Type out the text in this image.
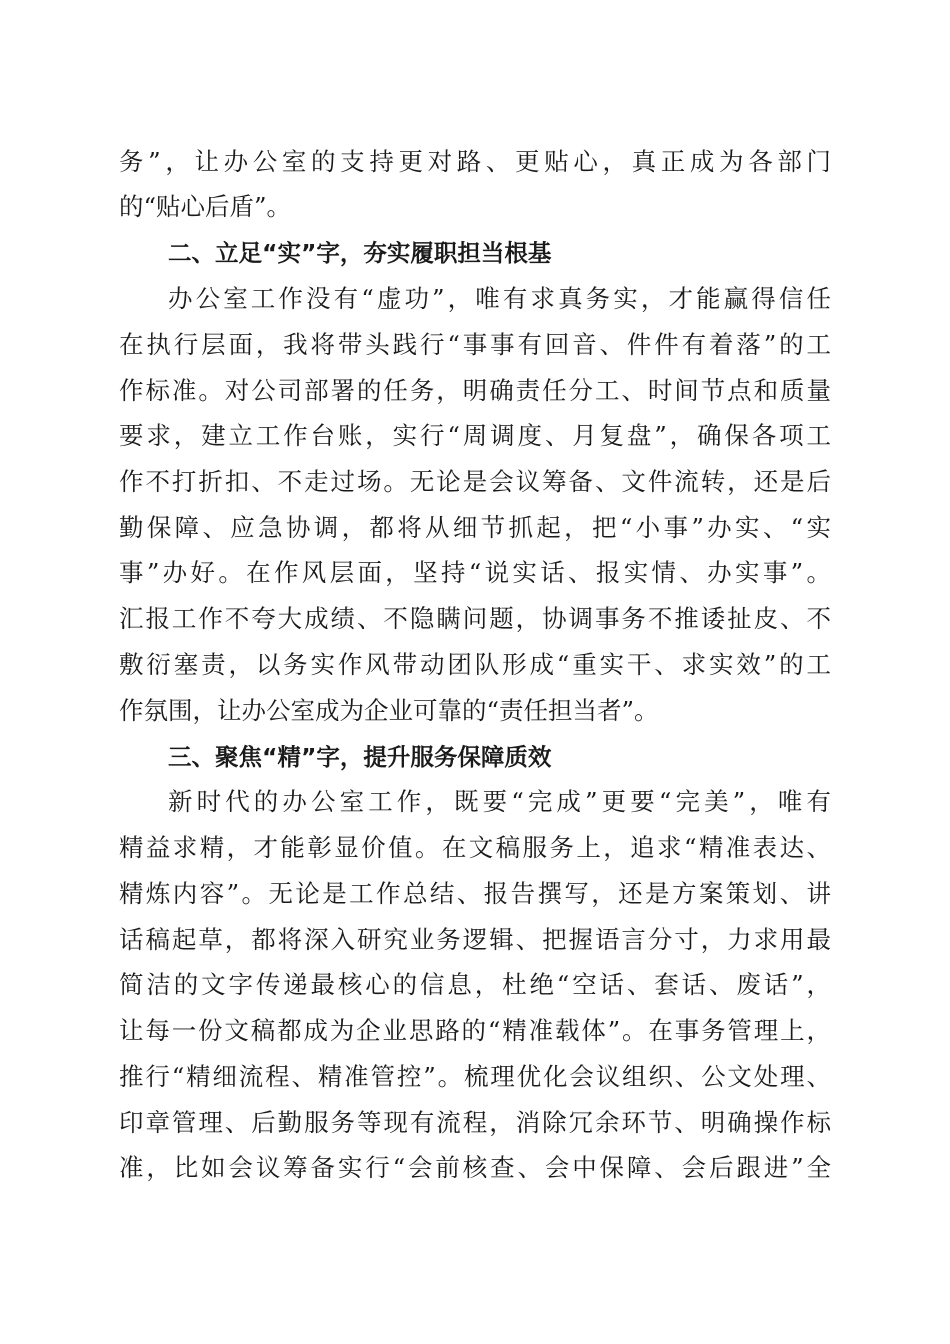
务”，让办公室的支持更对路、更贴心，真正成为各部门
的“贴心后盾”。
二、立足“实”字，夯实履职担当根基
办公室工作没有“虚功”，唯有求真务实，才能赢得信任
在执行层面，我将带头践行“事事有回音、件件有着落”的工
作标准。对公司部署的任务，明确责任分工、时间节点和质量
要求，建立工作台账，实行“周调度、月复盘”，确保各项工
作不打折扣、不走过场。无论是会议筹备、文件流转，还是后
勤保障、应急协调，都将从细节抓起，把“小事”办实、“实
事”办好。在作风层面，坚持“说实话、报实情、办实事”。
汇报工作不夸大成绩、不隐瞒问题，协调事务不推诿扯皮、不
敷衍塞责，以务实作风带动团队形成“重实干、求实效”的工
作氛围，让办公室成为企业可靠的“责任担当者”。
三、聚焦“精”字，提升服务保障质效
新时代的办公室工作，既要“完成”更要“完美”，唯有
精益求精，才能彰显价值。在文稿服务上，追求“精准表达、
精炼内容”。无论是工作总结、报告撰写，还是方案策划、讲
话稿起草，都将深入研究业务逻辑、把握语言分寸，力求用最
简洁的文字传递最核心的信息，杜绝“空话、套话、废话”，
让每一份文稿都成为企业思路的“精准载体”。在事务管理上，
推行“精细流程、精准管控”。梳理优化会议组织、公文处理、
印章管理、后勤服务等现有流程，消除冗余环节、明确操作标
准，比如会议筹备实行“会前核查、会中保障、会后跟进”全
